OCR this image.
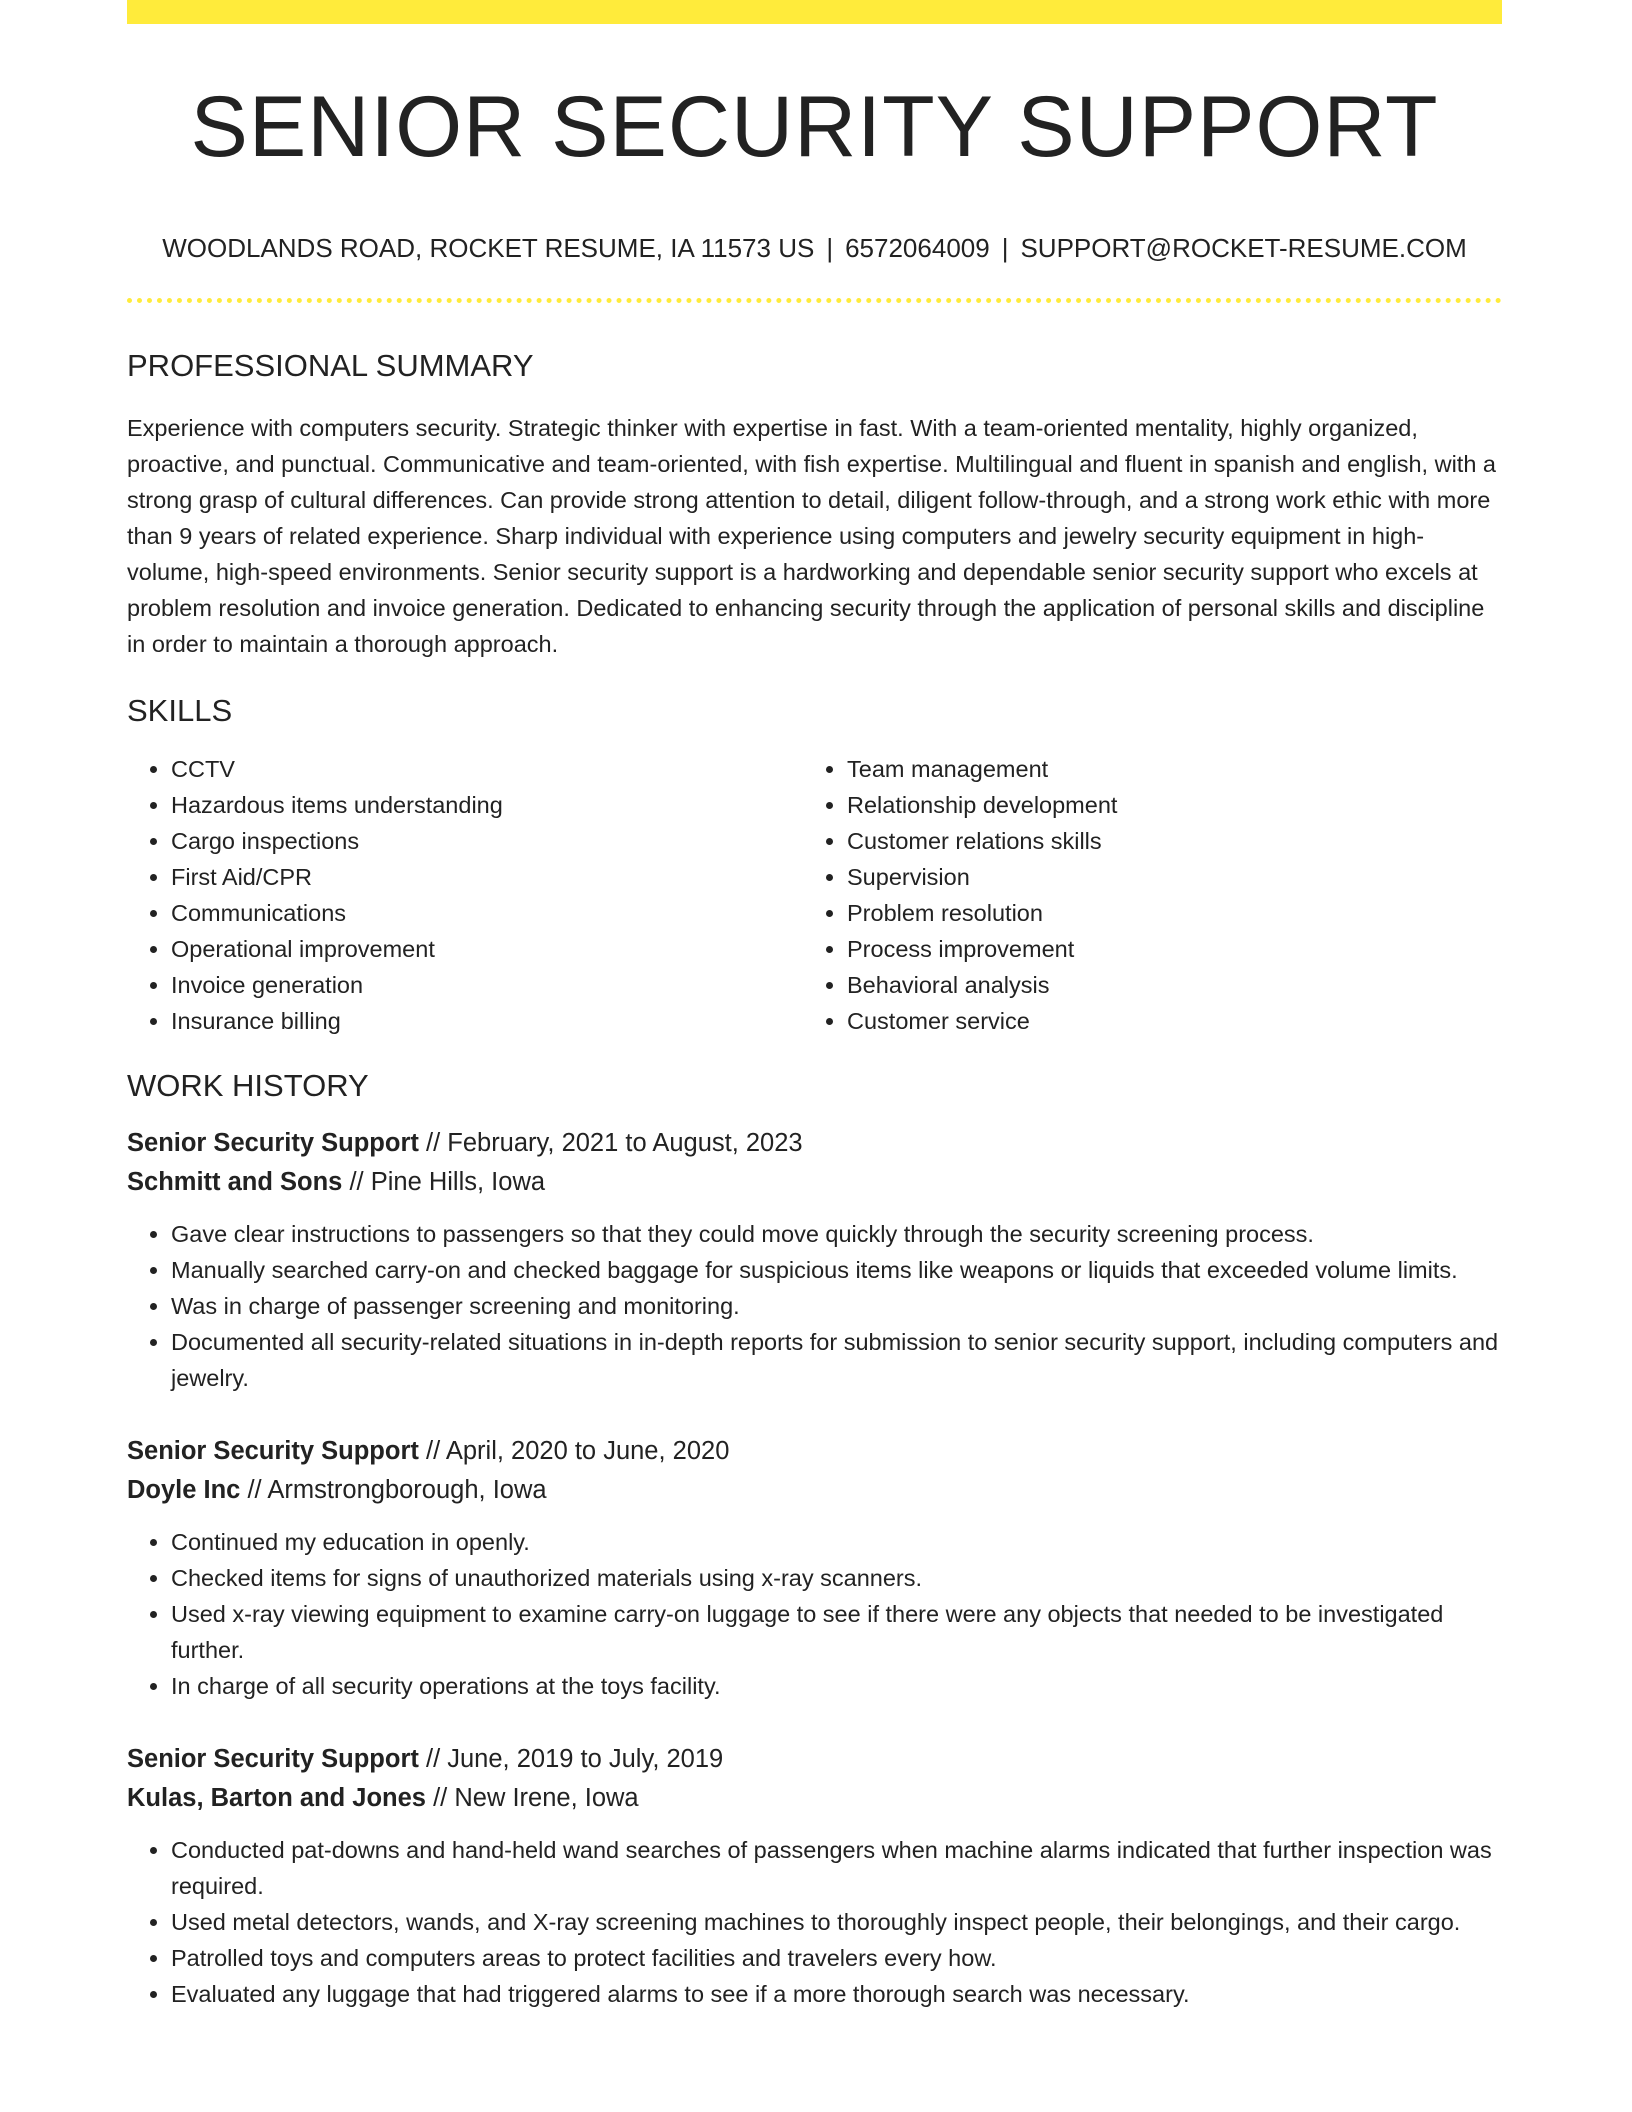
SENIOR SECURITY SUPPORT
WOODLANDS ROAD, ROCKET RESUME, IA 11573 US | 6572064009 | SUPPORT@ROCKET-RESUME.COM
PROFESSIONAL SUMMARY

Experience with computers security. Strategic thinker with expertise in fast. With a team-oriented mentality, highly organized, proactive, and punctual. Communicative and team-oriented, with fish expertise. Multilingual and fluent in spanish and english, with a strong grasp of cultural differences. Can provide strong attention to detail, diligent follow-through, and a strong work ethic with more than 9 years of related experience. Sharp individual with experience using computers and jewelry security equipment in high-volume, high-speed environments. Senior security support is a hardworking and dependable senior security support who excels at problem resolution and invoice generation. Dedicated to enhancing security through the application of personal skills and discipline in order to maintain a thorough approach.

SKILLS
• CCTV
• Hazardous items understanding
• Cargo inspections
• First Aid/CPR
• Communications
• Operational improvement
• Invoice generation
• Insurance billing
• Team management
• Relationship development
• Customer relations skills
• Supervision
• Problem resolution
• Process improvement
• Behavioral analysis
• Customer service
WORK HISTORY
Senior Security Support // February, 2021 to August, 2023
Schmitt and Sons // Pine Hills, Iowa
• Gave clear instructions to passengers so that they could move quickly through the security screening process.
• Manually searched carry-on and checked baggage for suspicious items like weapons or liquids that exceeded volume limits.
• Was in charge of passenger screening and monitoring.
• Documented all security-related situations in in-depth reports for submission to senior security support, including computers and jewelry.
Senior Security Support // April, 2020 to June, 2020
Doyle Inc // Armstrongborough, Iowa
• Continued my education in openly.
• Checked items for signs of unauthorized materials using x-ray scanners.
• Used x-ray viewing equipment to examine carry-on luggage to see if there were any objects that needed to be investigated further.
• In charge of all security operations at the toys facility.
Senior Security Support // June, 2019 to July, 2019
Kulas, Barton and Jones // New Irene, Iowa
• Conducted pat-downs and hand-held wand searches of passengers when machine alarms indicated that further inspection was required.
• Used metal detectors, wands, and X-ray screening machines to thoroughly inspect people, their belongings, and their cargo.
• Patrolled toys and computers areas to protect facilities and travelers every how.
• Evaluated any luggage that had triggered alarms to see if a more thorough search was necessary.
